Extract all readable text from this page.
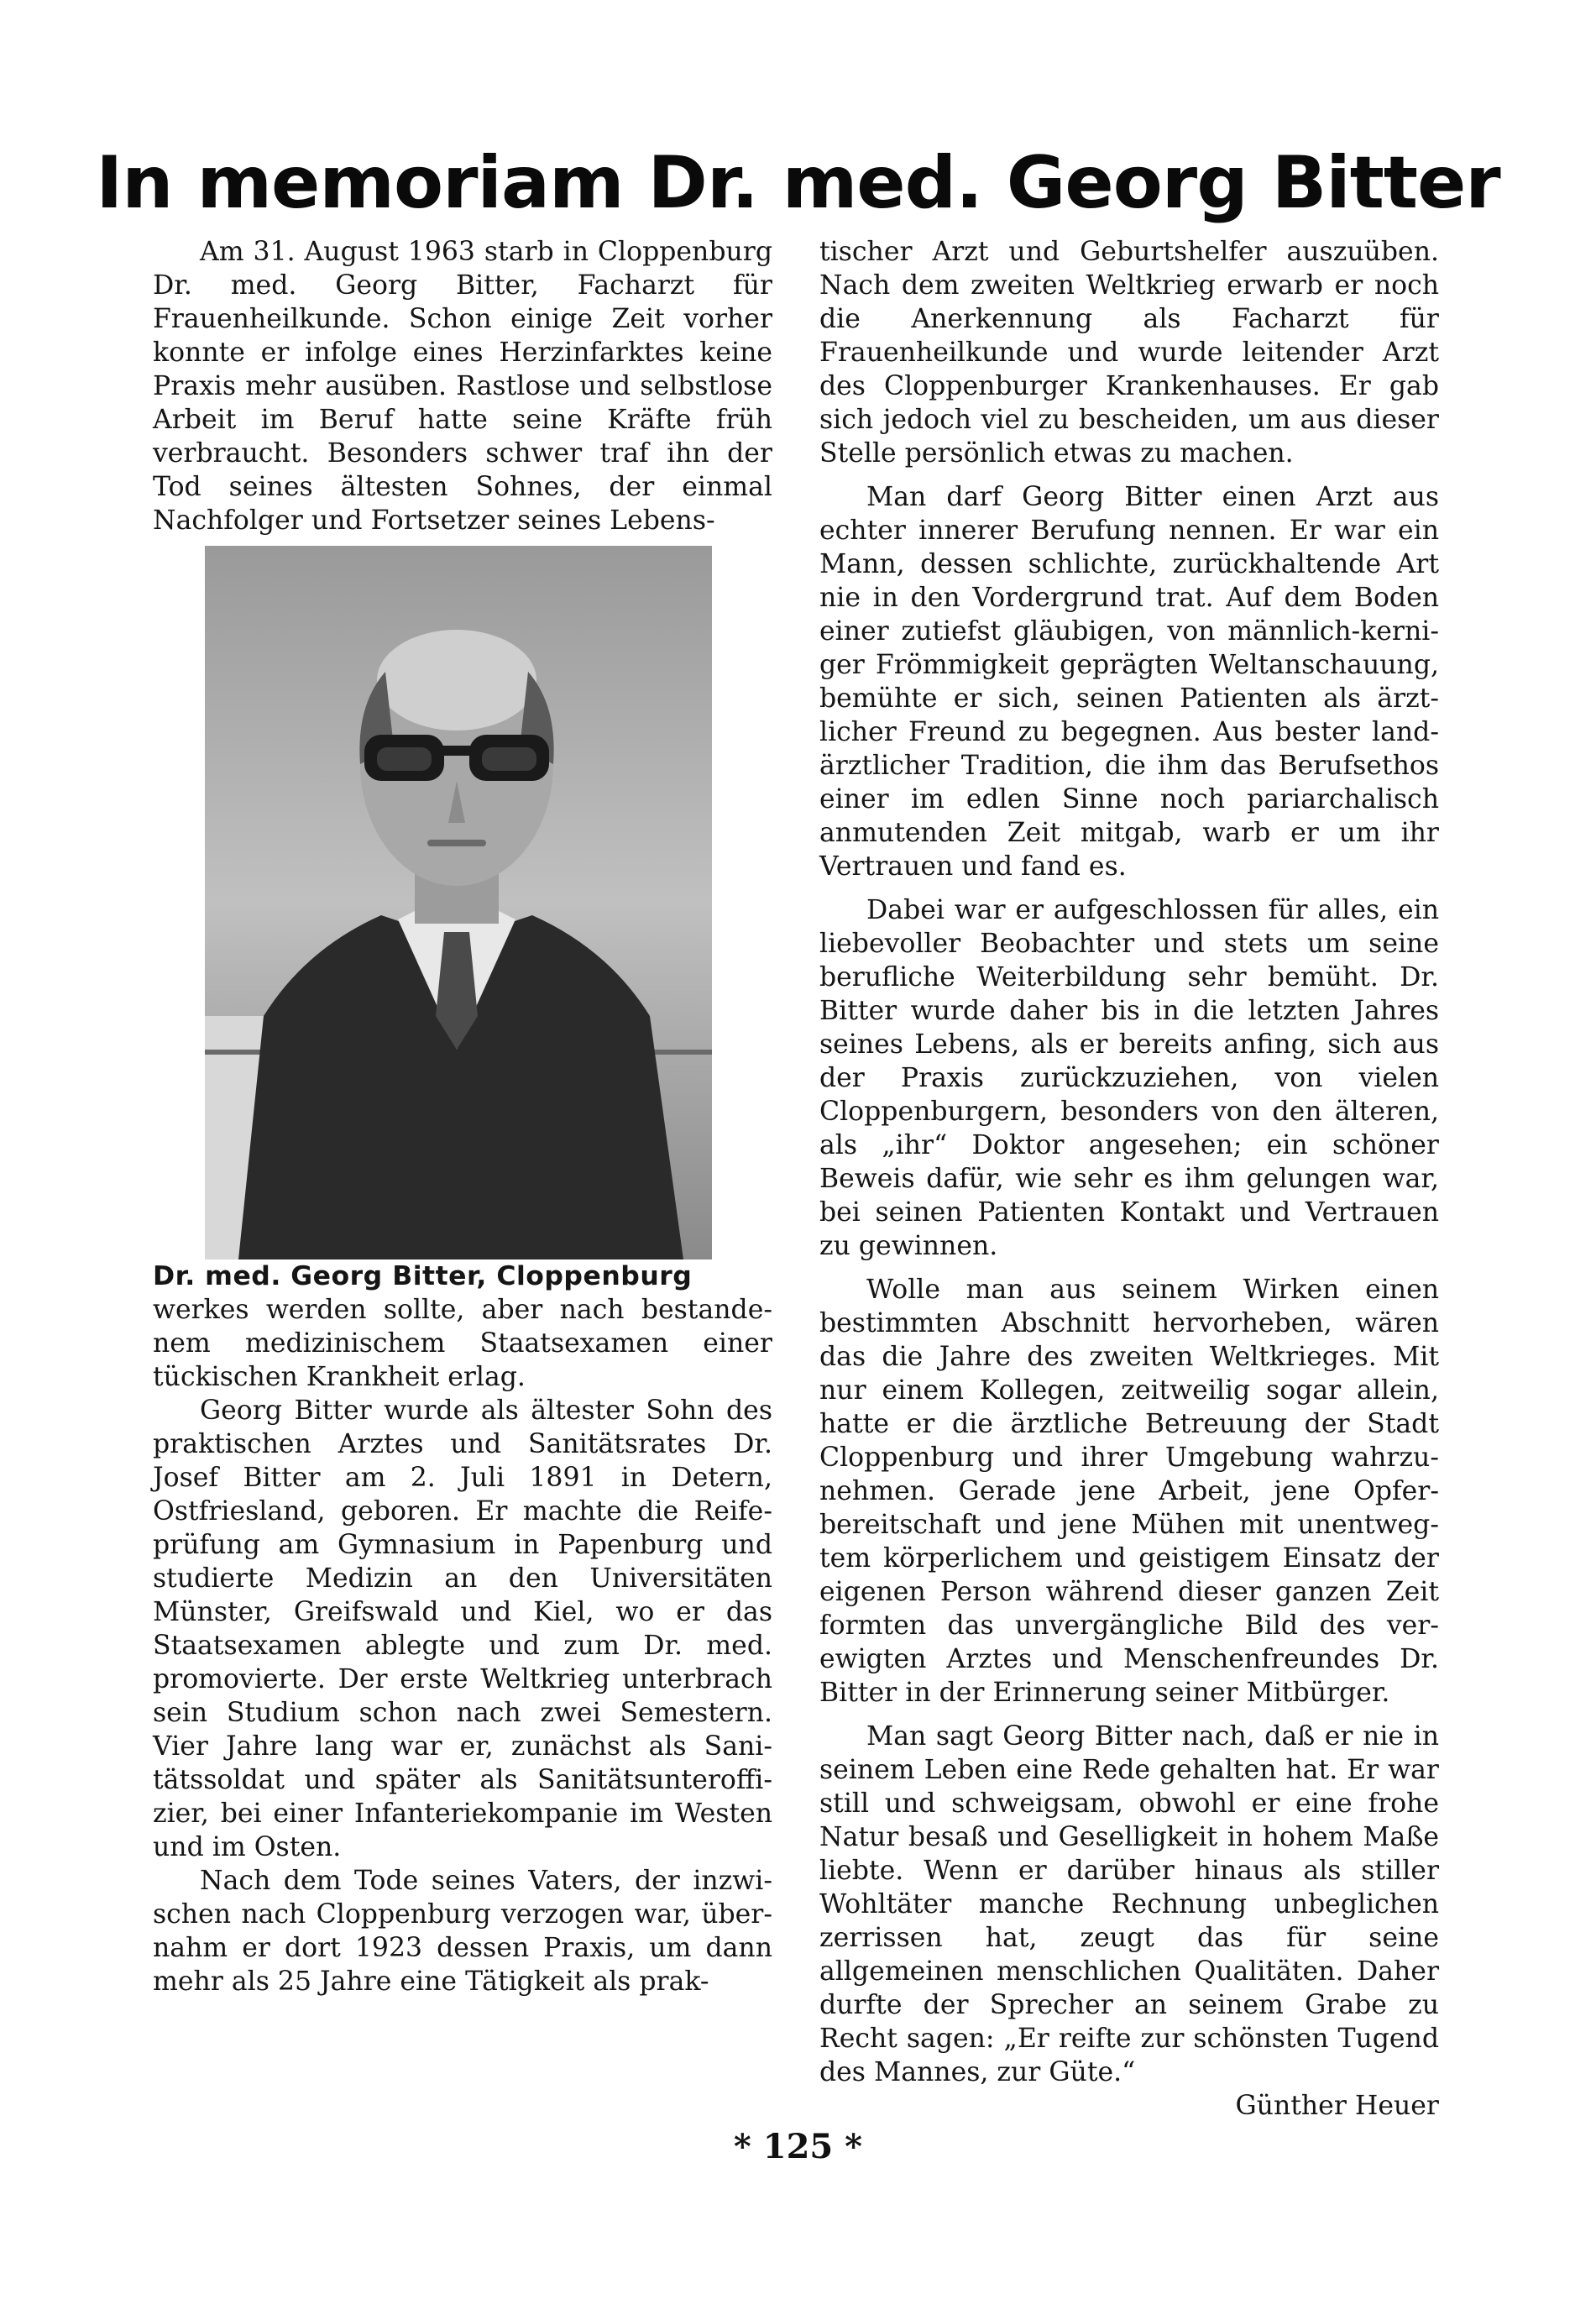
In memoriam Dr. med. Georg Bitter

Am 31. August 1963 starb in Cloppenburg Dr. med. Georg Bitter, Facharzt für Frauenheilkunde. Schon einige Zeit vorher konnte er infolge eines Herzinfarktes keine Praxis mehr ausüben. Rastlose und selbstlose Arbeit im Beruf hatte seine Kräfte früh verbraucht. Besonders schwer traf ihn der Tod seines ältesten Sohnes, der einmal Nachfolger und Fortsetzer seines Lebens-

Dr. med. Georg Bitter, Cloppenburg

werkes werden sollte, aber nach bestandenem medizinischem Staatsexamen einer tückischen Krankheit erlag.

Georg Bitter wurde als ältester Sohn des praktischen Arztes und Sanitätsrates Dr. Josef Bitter am 2. Juli 1891 in Detern, Ostfriesland, geboren. Er machte die Reifeprüfung am Gymnasium in Papenburg und studierte Medizin an den Universitäten Münster, Greifswald und Kiel, wo er das Staatsexamen ablegte und zum Dr. med. promovierte. Der erste Weltkrieg unterbrach sein Studium schon nach zwei Semestern. Vier Jahre lang war er, zunächst als Sanitätssoldat und später als Sanitätsunteroffizier, bei einer Infanteriekompanie im Westen und im Osten.

Nach dem Tode seines Vaters, der inzwischen nach Cloppenburg verzogen war, übernahm er dort 1923 dessen Praxis, um dann mehr als 25 Jahre eine Tätigkeit als prak-

tischer Arzt und Geburtshelfer auszuüben. Nach dem zweiten Weltkrieg erwarb er noch die Anerkennung als Facharzt für Frauenheilkunde und wurde leitender Arzt des Cloppenburger Krankenhauses. Er gab sich jedoch viel zu bescheiden, um aus dieser Stelle persönlich etwas zu machen.

Man darf Georg Bitter einen Arzt aus echter innerer Berufung nennen. Er war ein Mann, dessen schlichte, zurückhaltende Art nie in den Vordergrund trat. Auf dem Boden einer zutiefst gläubigen, von männlich-kerniger Frömmigkeit geprägten Weltanschauung, bemühte er sich, seinen Patienten als ärztlicher Freund zu begegnen. Aus bester landärztlicher Tradition, die ihm das Berufsethos einer im edlen Sinne noch pariarchalisch anmutenden Zeit mitgab, warb er um ihr Vertrauen und fand es.

Dabei war er aufgeschlossen für alles, ein liebevoller Beobachter und stets um seine berufliche Weiterbildung sehr bemüht. Dr. Bitter wurde daher bis in die letzten Jahres seines Lebens, als er bereits anfing, sich aus der Praxis zurückzuziehen, von vielen Cloppenburgern, besonders von den älteren, als „ihr“ Doktor angesehen; ein schöner Beweis dafür, wie sehr es ihm gelungen war, bei seinen Patienten Kontakt und Vertrauen zu gewinnen.

Wolle man aus seinem Wirken einen bestimmten Abschnitt hervorheben, wären das die Jahre des zweiten Weltkrieges. Mit nur einem Kollegen, zeitweilig sogar allein, hatte er die ärztliche Betreuung der Stadt Cloppenburg und ihrer Umgebung wahrzunehmen. Gerade jene Arbeit, jene Opferbereitschaft und jene Mühen mit unentwegtem körperlichem und geistigem Einsatz der eigenen Person während dieser ganzen Zeit formten das unvergängliche Bild des verewigten Arztes und Menschenfreundes Dr. Bitter in der Erinnerung seiner Mitbürger.

Man sagt Georg Bitter nach, daß er nie in seinem Leben eine Rede gehalten hat. Er war still und schweigsam, obwohl er eine frohe Natur besaß und Geselligkeit in hohem Maße liebte. Wenn er darüber hinaus als stiller Wohltäter manche Rechnung unbeglichen zerrissen hat, zeugt das für seine allgemeinen menschlichen Qualitäten. Daher durfte der Sprecher an seinem Grabe zu Recht sagen: „Er reifte zur schönsten Tugend des Mannes, zur Güte.“

Günther Heuer

* 125 *
